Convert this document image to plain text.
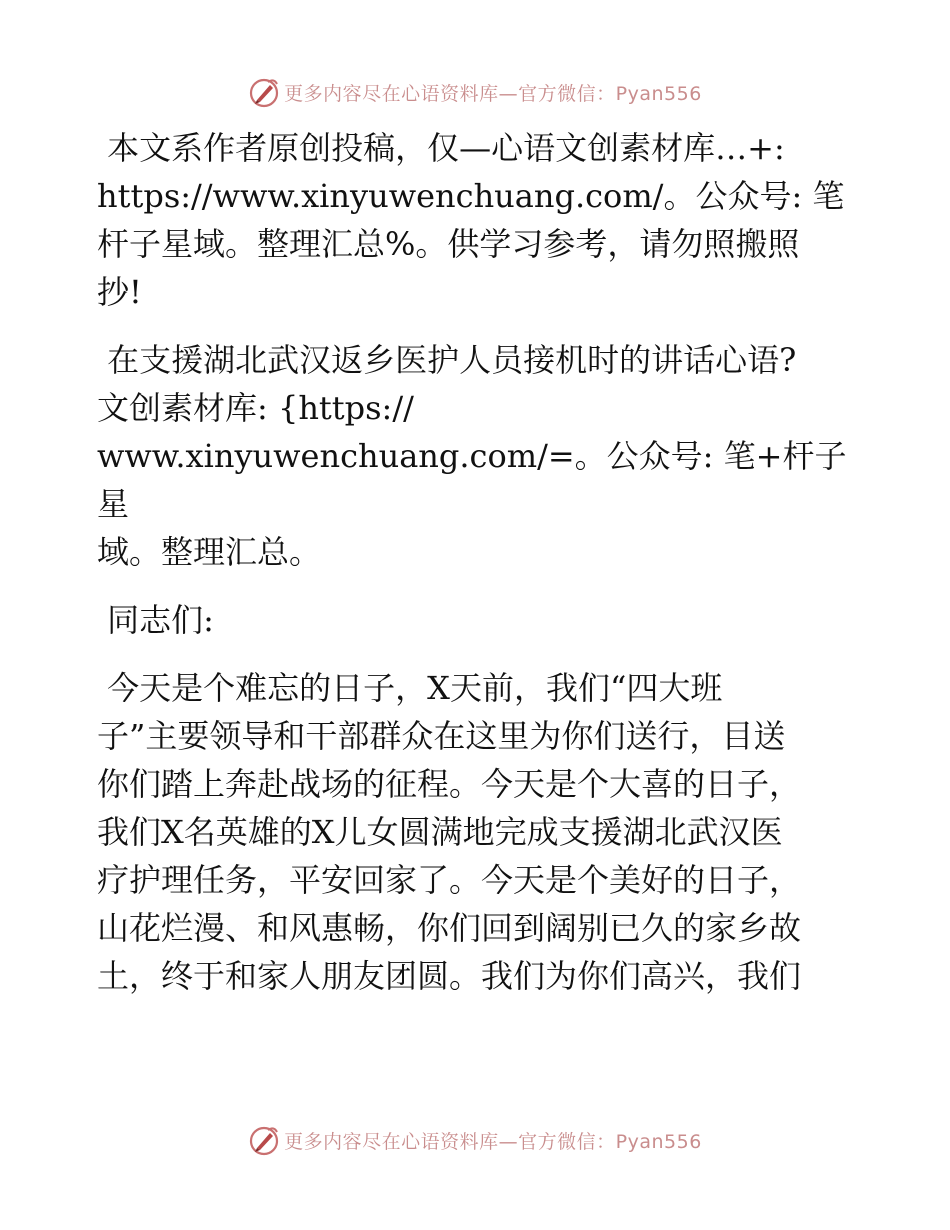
更多内容尽在心语资料库—官方微信：Pyan556

本文系作者原创投稿，仅—心语文创素材库…+:
https://www.xinyuwenchuang.com/。公众号: 笔
杆子星域。整理汇总%。供学习参考，请勿照搬照
抄!

在支援湖北武汉返乡医护人员接机时的讲话心语?
文创素材库: {https://
www.xinyuwenchuang.com/=。公众号: 笔+杆子星
域。整理汇总。

同志们:

今天是个难忘的日子，X天前，我们“四大班
子”主要领导和干部群众在这里为你们送行，目送
你们踏上奔赴战场的征程。今天是个大喜的日子，
我们X名英雄的X儿女圆满地完成支援湖北武汉医
疗护理任务，平安回家了。今天是个美好的日子，
山花烂漫、和风惠畅，你们回到阔别已久的家乡故
土，终于和家人朋友团圆。我们为你们高兴，我们

更多内容尽在心语资料库—官方微信：Pyan556
